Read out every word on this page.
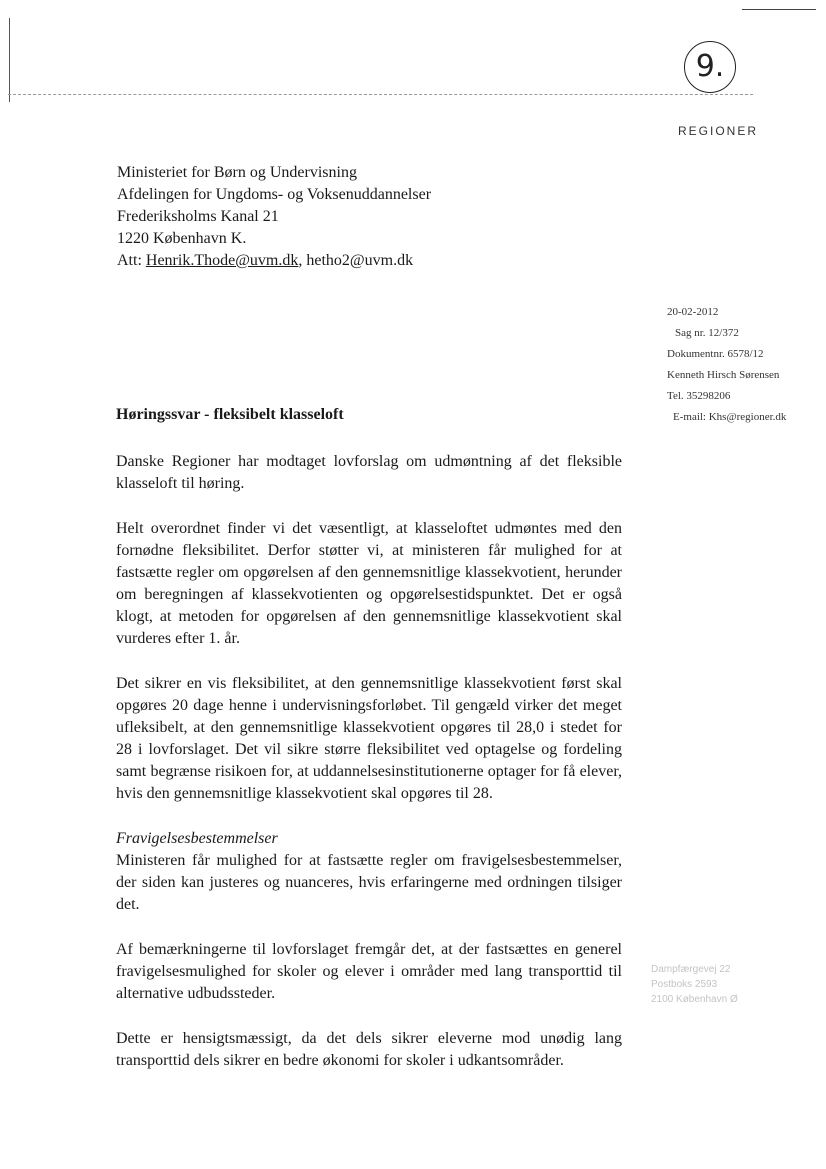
9.
REGIONER
Ministeriet for Børn og Undervisning
Afdelingen for Ungdoms- og Voksenuddannelser
Frederiksholms Kanal 21
1220 København K.
Att: Henrik.Thode@uvm.dk, hetho2@uvm.dk
20-02-2012
Sag nr. 12/372
Dokumentnr. 6578/12
Kenneth Hirsch Sørensen
Tel. 35298206
E-mail: Khs@regioner.dk
Høringssvar - fleksibelt klasseloft

Danske Regioner har modtaget lovforslag om udmøntning af det fleksible klasseloft til høring.

Helt overordnet finder vi det væsentligt, at klasseloftet udmøntes med den fornødne fleksibilitet. Derfor støtter vi, at ministeren får mulighed for at fastsætte regler om opgørelsen af den gennemsnitlige klassekvotient, herunder om beregningen af klassekvotienten og opgørelsestidspunktet. Det er også klogt, at metoden for opgørelsen af den gennemsnitlige klassekvotient skal vurderes efter 1. år.

Det sikrer en vis fleksibilitet, at den gennemsnitlige klassekvotient først skal opgøres 20 dage henne i undervisningsforløbet. Til gengæld virker det meget ufleksibelt, at den gennemsnitlige klassekvotient opgøres til 28,0 i stedet for 28 i lovforslaget. Det vil sikre større fleksibilitet ved optagelse og fordeling samt begrænse risikoen for, at uddannelsesinstitutionerne optager for få elever, hvis den gennemsnitlige klassekvotient skal opgøres til 28.

Fravigelsesbestemmelser

Ministeren får mulighed for at fastsætte regler om fravigelsesbestemmelser, der siden kan justeres og nuanceres, hvis erfaringerne med ordningen tilsiger det.

Af bemærkningerne til lovforslaget fremgår det, at der fastsættes en generel fravigelsesmulighed for skoler og elever i områder med lang transporttid til alternative udbudssteder.

Dette er hensigtsmæssigt, da det dels sikrer eleverne mod unødig lang transporttid dels sikrer en bedre økonomi for skoler i udkantsområder.

Dampfærgevej 22
Postboks 2593
2100 København Ø
